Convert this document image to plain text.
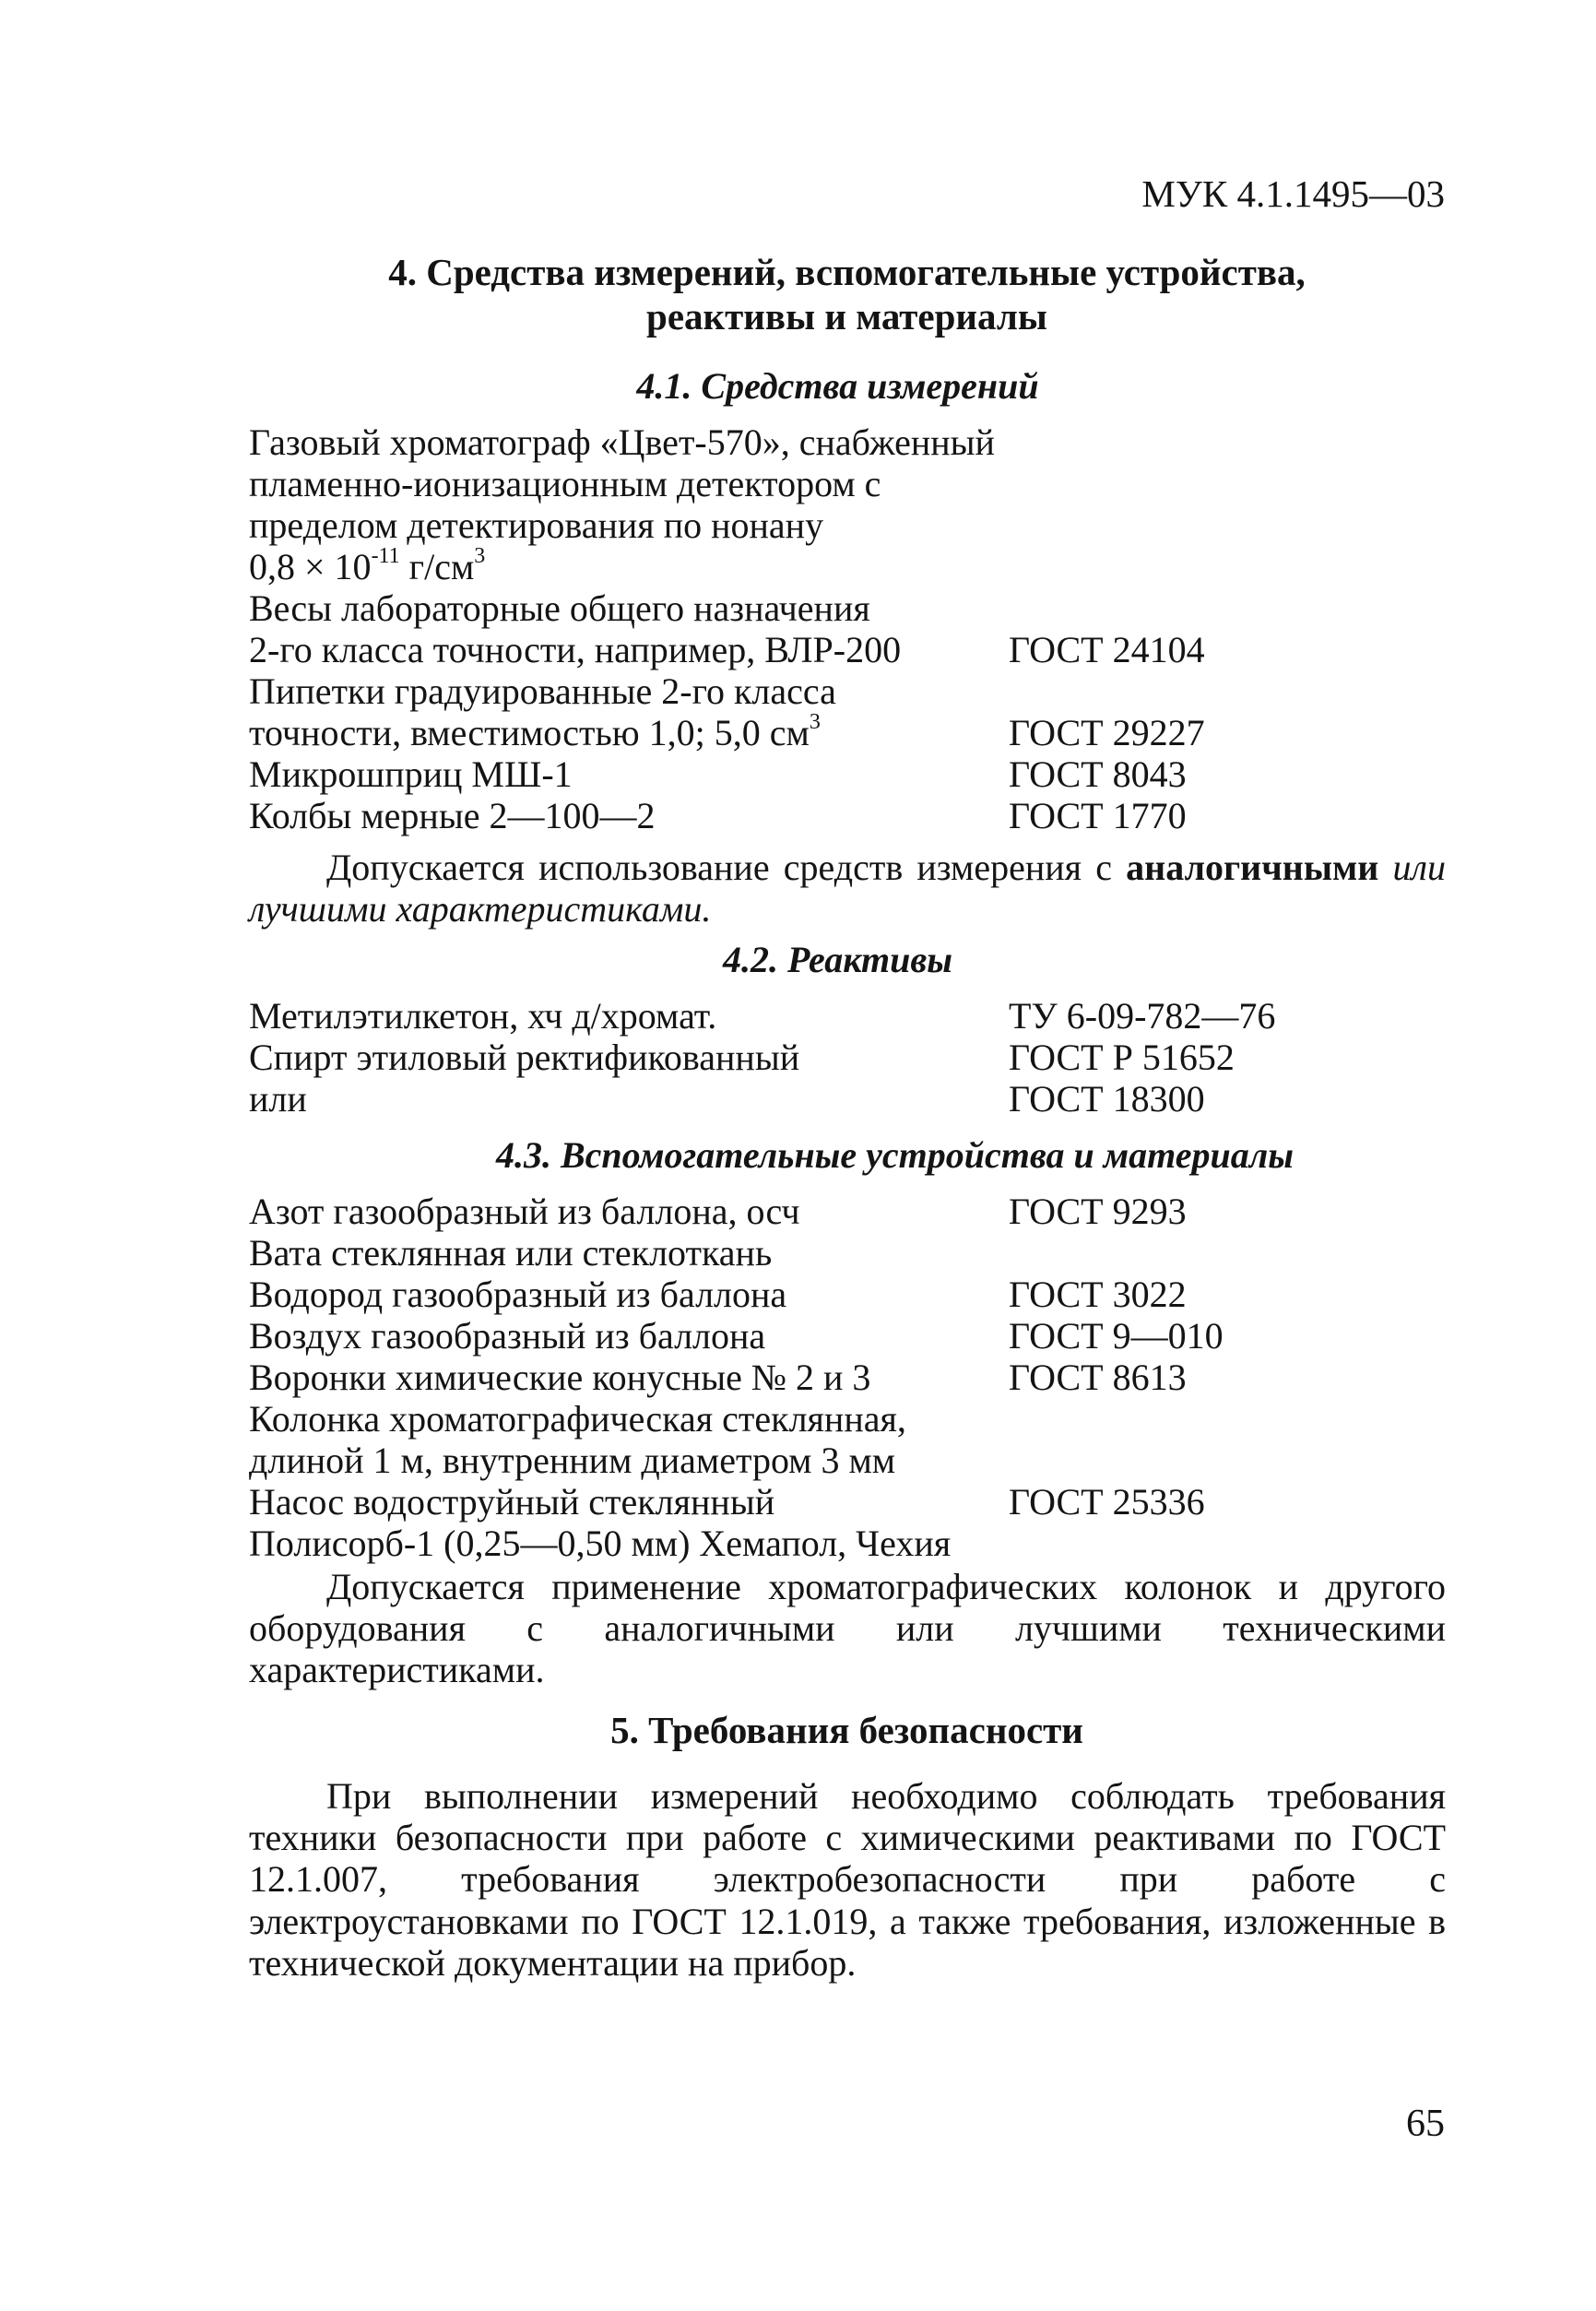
МУК 4.1.1495—03
4. Средства измерений, вспомогательные устройства,
реактивы и материалы
4.1. Средства измерений
Газовый хроматограф «Цвет-570», снабженный
пламенно-ионизационным детектором с
пределом детектирования по нонану
$0,8 \times 10^{-11}$ $г/см^3$
Весы лабораторные общего назначения
2-го класса точности, например, ВЛР-200	ГОСТ 24104
Пипетки градуированные 2-го класса
точности, вместимостью 1,0; 5,0 $см^3$	ГОСТ 29227
Микрошприц МШ-1	ГОСТ 8043
Колбы мерные 2—100—2	ГОСТ 1770
Допускается использование средств измерения с аналогичными или лучшими характеристиками.
4.2. Реактивы
Метилэтилкетон, хч д/хромат.	ТУ 6-09-782—76
Спирт этиловый ректификованный	ГОСТ Р 51652
или	ГОСТ 18300
4.3. Вспомогательные устройства и материалы
Азот газообразный из баллона, осч	ГОСТ 9293
Вата стеклянная или стеклоткань
Водород газообразный из баллона	ГОСТ 3022
Воздух газообразный из баллона	ГОСТ 9—010
Воронки химические конусные № 2 и 3	ГОСТ 8613
Колонка хроматографическая стеклянная,
длиной 1 м, внутренним диаметром 3 мм
Насос водоструйный стеклянный	ГОСТ 25336
Полисорб-1 (0,25—0,50 мм) Хемапол, Чехия
Допускается применение хроматографических колонок и другого оборудования с аналогичными или лучшими техническими характеристиками.
5. Требования безопасности
При выполнении измерений необходимо соблюдать требования техники безопасности при работе с химическими реактивами по ГОСТ 12.1.007, требования электробезопасности при работе с электроустановками по ГОСТ 12.1.019, а также требования, изложенные в технической документации на прибор.
65
